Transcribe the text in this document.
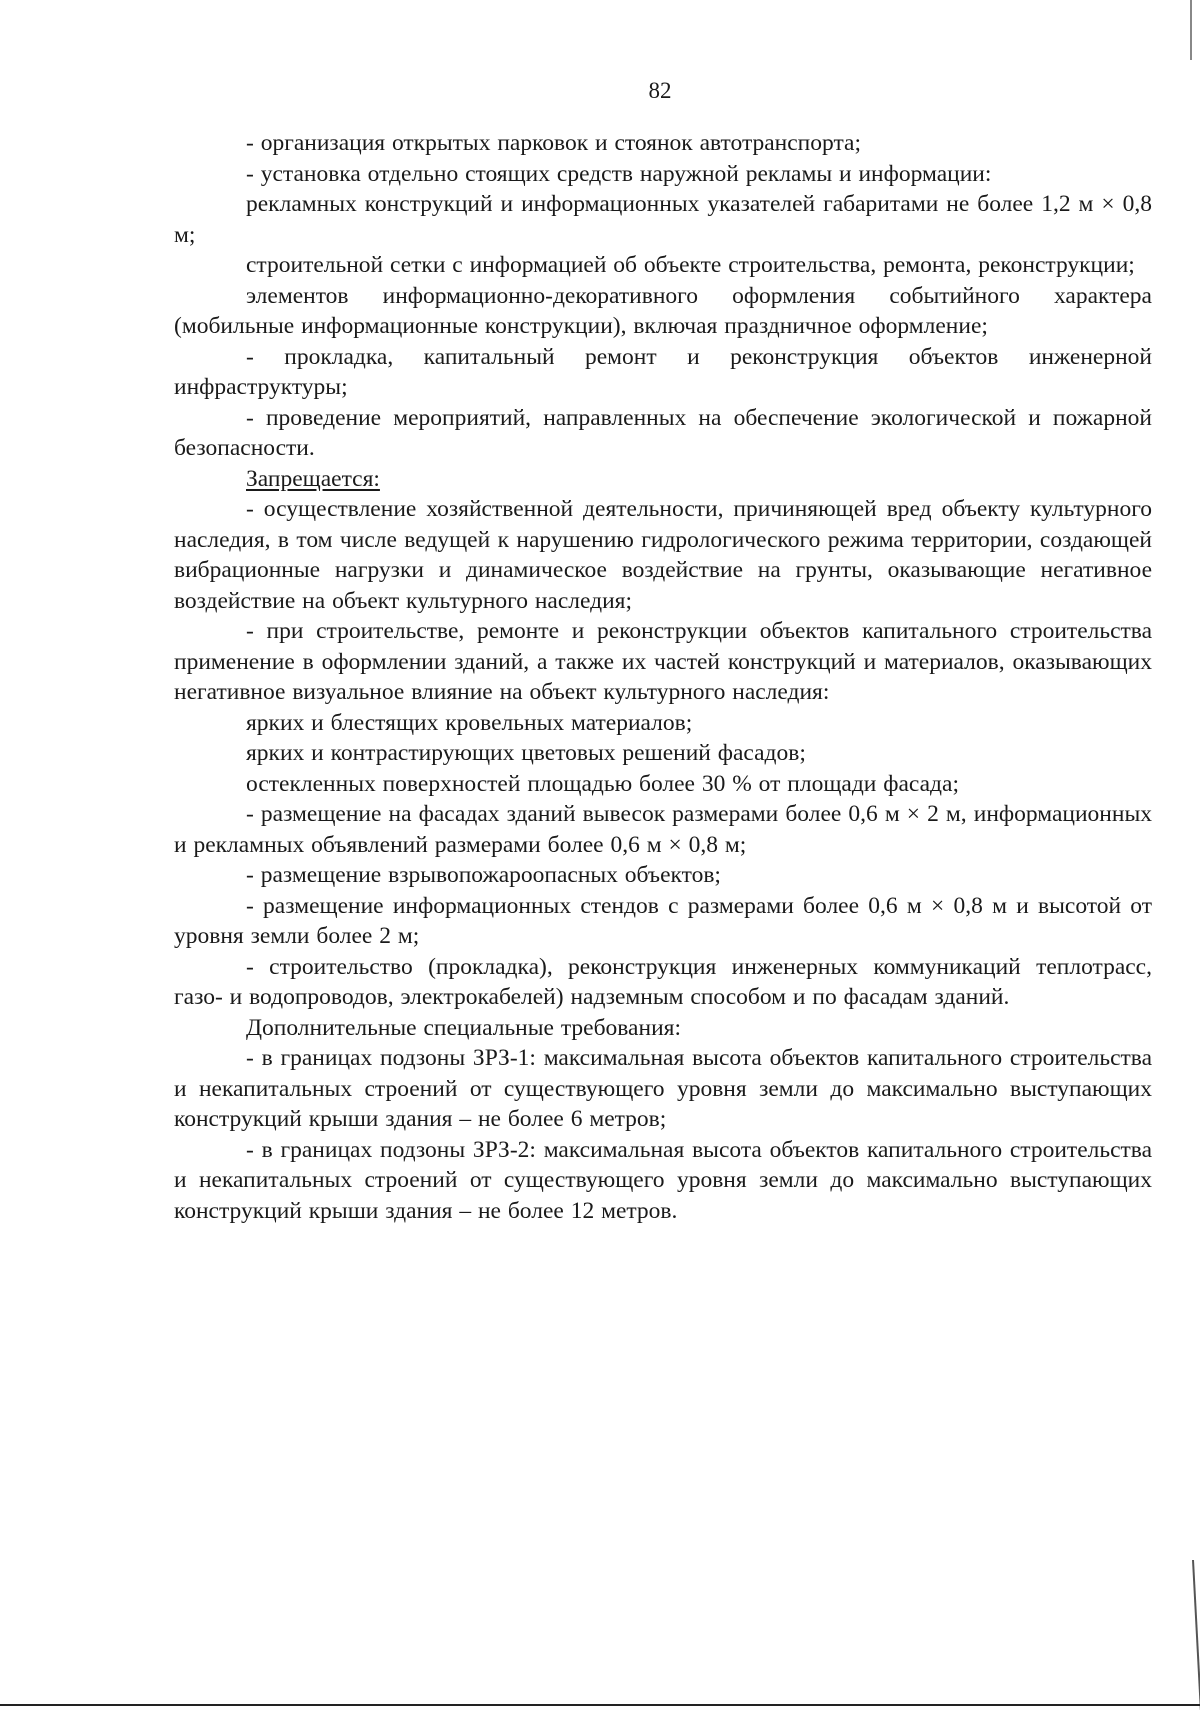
82

- организация открытых парковок и стоянок автотранспорта;

- установка отдельно стоящих средств наружной рекламы и информации:

рекламных конструкций и информационных указателей габаритами не более 1,2 м × 0,8 м;

строительной сетки с информацией об объекте строительства, ремонта, реконструкции;

элементов информационно-декоративного оформления событийного характера (мобильные информационные конструкции), включая праздничное оформление;

- прокладка, капитальный ремонт и реконструкция объектов инженерной инфраструктуры;

- проведение мероприятий, направленных на обеспечение экологической и пожарной безопасности.

Запрещается:

- осуществление хозяйственной деятельности, причиняющей вред объекту культурного наследия, в том числе ведущей к нарушению гидрологического режима территории, создающей вибрационные нагрузки и динамическое воздействие на грунты, оказывающие негативное воздействие на объект культурного наследия;

- при строительстве, ремонте и реконструкции объектов капитального строительства применение в оформлении зданий, а также их частей конструкций и материалов, оказывающих негативное визуальное влияние на объект культурного наследия:

ярких и блестящих кровельных материалов;

ярких и контрастирующих цветовых решений фасадов;

остекленных поверхностей площадью более 30 % от площади фасада;

- размещение на фасадах зданий вывесок размерами более 0,6 м × 2 м, информационных и рекламных объявлений размерами более 0,6 м × 0,8 м;

- размещение взрывопожароопасных объектов;

- размещение информационных стендов с размерами более 0,6 м × 0,8 м и высотой от уровня земли более 2 м;

- строительство (прокладка), реконструкция инженерных коммуникаций теплотрасс, газо- и водопроводов, электрокабелей) надземным способом и по фасадам зданий.

Дополнительные специальные требования:

- в границах подзоны ЗРЗ-1: максимальная высота объектов капитального строительства и некапитальных строений от существующего уровня земли до максимально выступающих конструкций крыши здания – не более 6 метров;

- в границах подзоны ЗРЗ-2: максимальная высота объектов капитального строительства и некапитальных строений от существующего уровня земли до максимально выступающих конструкций крыши здания – не более 12 метров.
